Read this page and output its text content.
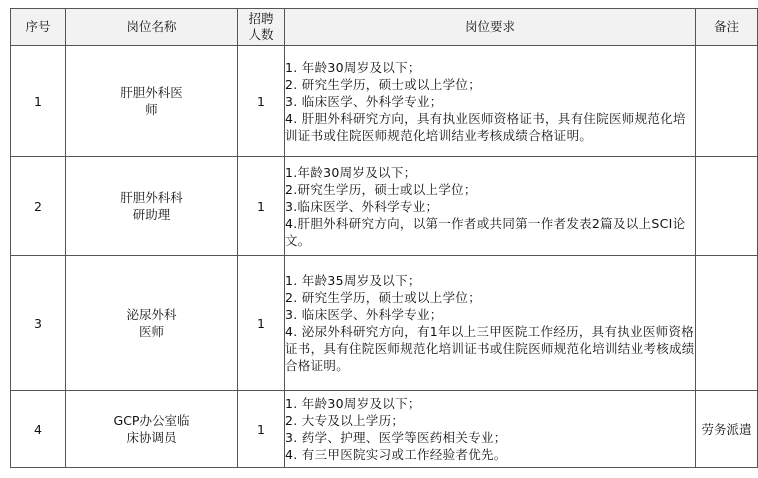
序号	岗位名称	招聘人数	岗位要求	备注
1	肝胆外科医师	1	1. 年龄30周岁及以下；
2. 研究生学历，硕士或以上学位；
3. 临床医学、外科学专业；
4. 肝胆外科研究方向，具有执业医师资格证书，具有住院医师规范化培训证书或住院医师规范化培训结业考核成绩合格证明。	

2	肝胆外科科研助理	1	1.年龄30周岁及以下；
2.研究生学历，硕士或以上学位；
3.临床医学、外科学专业；
4.肝胆外科研究方向，以第一作者或共同第一作者发表2篇及以上SCI论文。	

3	泌尿外科医师	1	1. 年龄35周岁及以下；
2. 研究生学历，硕士或以上学位；
3. 临床医学、外科学专业；
4. 泌尿外科研究方向，有1年以上三甲医院工作经历，具有执业医师资格证书，具有住院医师规范化培训证书或住院医师规范化培训结业考核成绩合格证明。	

4	GCP办公室临床协调员	1	1. 年龄30周岁及以下；
2. 大专及以上学历；
3. 药学、护理、医学等医药相关专业；
4. 有三甲医院实习或工作经验者优先。	劳务派遣
